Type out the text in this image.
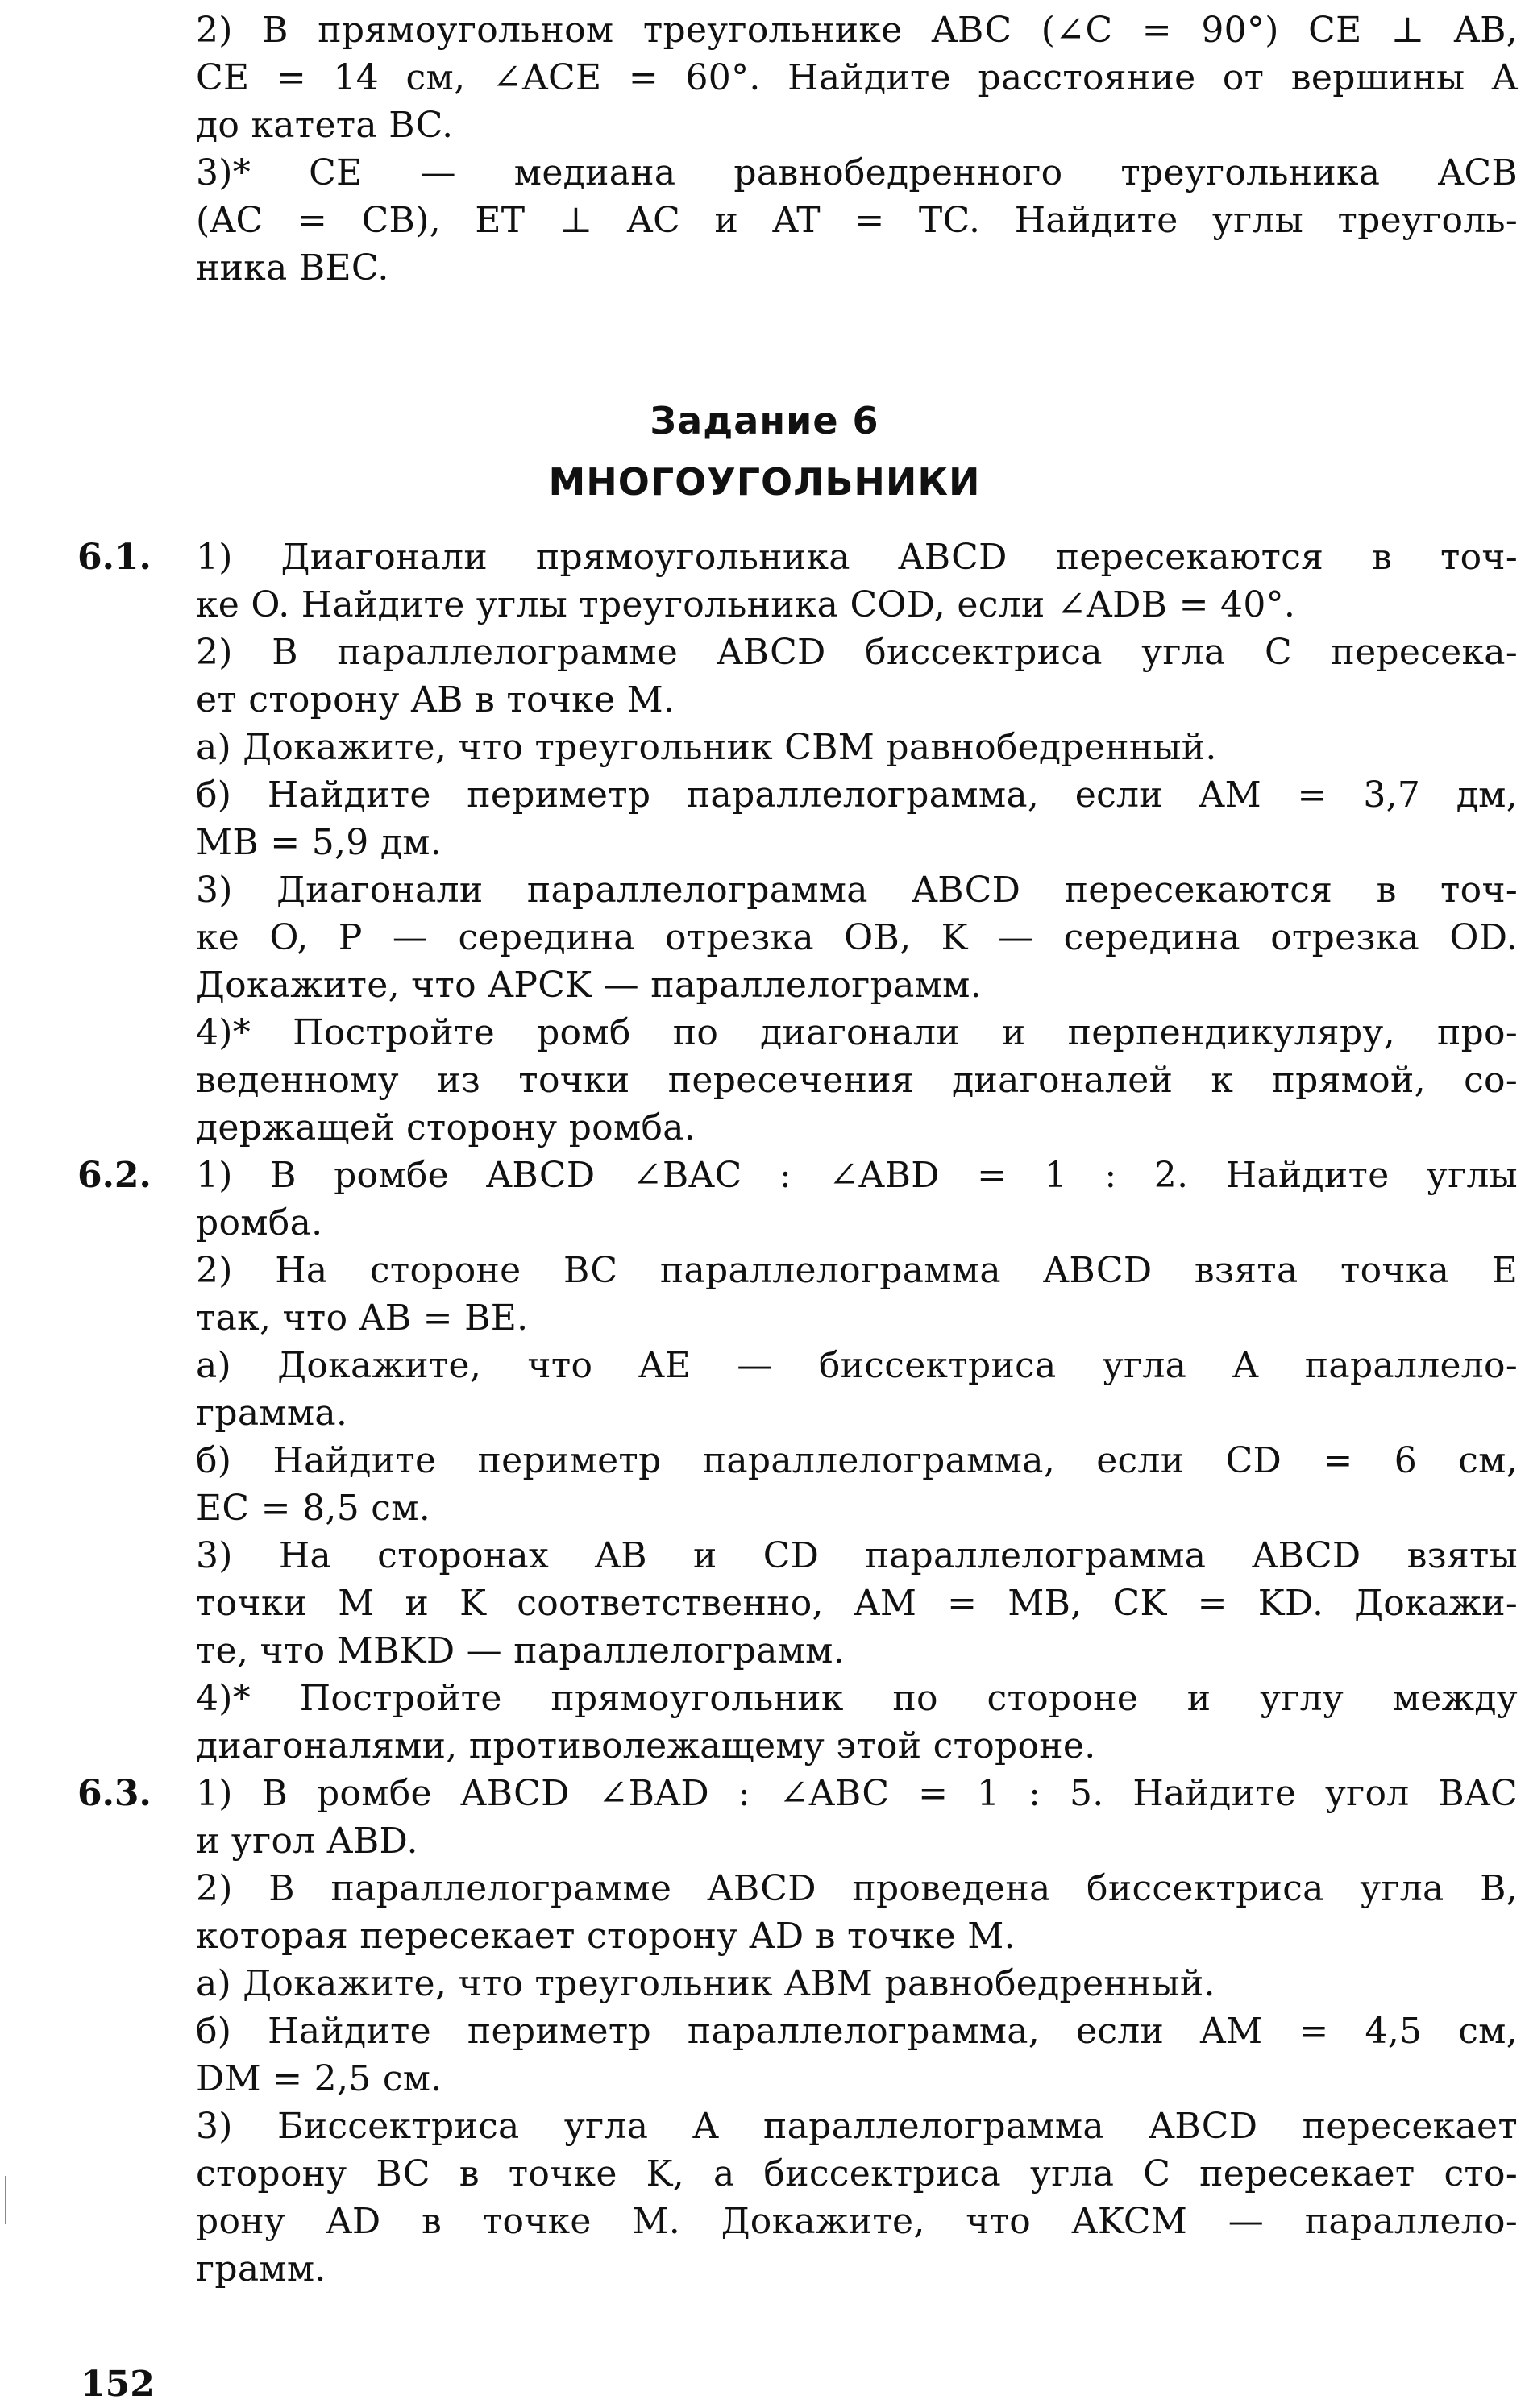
2) В прямоугольном треугольнике ABC (∠C = 90°) CE ⊥ AB,
CE = 14 см, ∠ACE = 60°. Найдите расстояние от вершины A
до катета BC.
3)* CE — медиана равнобедренного треугольника ACB
(AC = CB), ET ⊥ AC и AT = TC. Найдите углы треуголь-
ника BEC.
Задание 6
МНОГОУГОЛЬНИКИ
6.1. 1) Диагонали прямоугольника ABCD пересекаются в точ-
ке O. Найдите углы треугольника COD, если ∠ADB = 40°.
2) В параллелограмме ABCD биссектриса угла C пересека-
ет сторону AB в точке M.
а) Докажите, что треугольник CBM равнобедренный.
б) Найдите периметр параллелограмма, если AM = 3,7 дм,
MB = 5,9 дм.
3) Диагонали параллелограмма ABCD пересекаются в точ-
ке O, P — середина отрезка OB, K — середина отрезка OD.
Докажите, что APCK — параллелограмм.
4)* Постройте ромб по диагонали и перпендикуляру, про-
веденному из точки пересечения диагоналей к прямой, со-
держащей сторону ромба.
6.2. 1) В ромбе ABCD ∠BAC : ∠ABD = 1 : 2. Найдите углы
ромба.
2) На стороне BC параллелограмма ABCD взята точка E
так, что AB = BE.
а) Докажите, что AE — биссектриса угла A параллело-
грамма.
б) Найдите периметр параллелограмма, если CD = 6 см,
EC = 8,5 см.
3) На сторонах AB и CD параллелограмма ABCD взяты
точки M и K соответственно, AM = MB, CK = KD. Докажи-
те, что MBKD — параллелограмм.
4)* Постройте прямоугольник по стороне и углу между
диагоналями, противолежащему этой стороне.
6.3. 1) В ромбе ABCD ∠BAD : ∠ABC = 1 : 5. Найдите угол BAC
и угол ABD.
2) В параллелограмме ABCD проведена биссектриса угла B,
которая пересекает сторону AD в точке M.
а) Докажите, что треугольник ABM равнобедренный.
б) Найдите периметр параллелограмма, если AM = 4,5 см,
DM = 2,5 см.
3) Биссектриса угла A параллелограмма ABCD пересекает
сторону BC в точке K, а биссектриса угла C пересекает сто-
рону AD в точке M. Докажите, что AKCM — параллело-
грамм.
152
